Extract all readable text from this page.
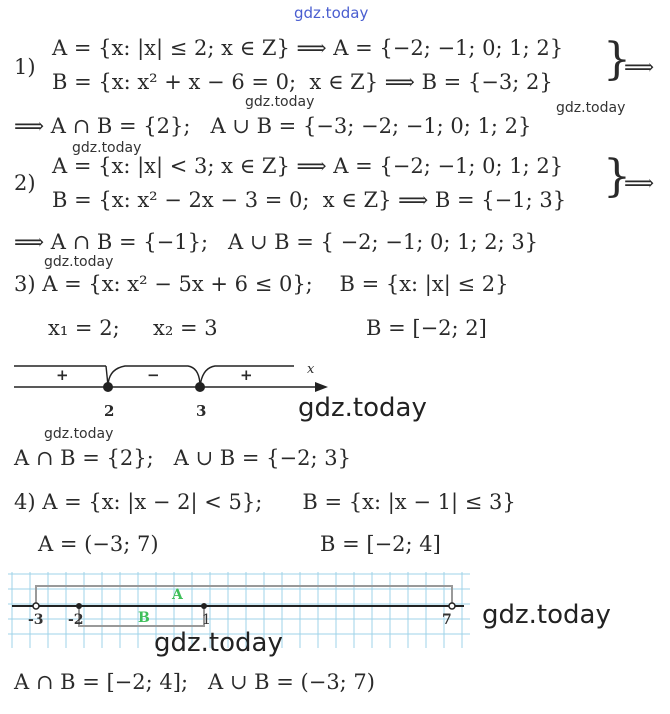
gdz.today
1)
A = {x: |x| ≤ 2; x ∈ Z} ⟹ A = {−2; −1; 0; 1; 2}
B = {x: x² + x − 6 = 0;  x ∈ Z} ⟹ B = {−3; 2} }
⟹
gdz.today	gdz.today
⟹ A ∩ B = {2};   A ∪ B = {−3; −2; −1; 0; 1; 2}
gdz.today
2)
A = {x: |x| < 3; x ∈ Z} ⟹ A = {−2; −1; 0; 1; 2}
B = {x: x² − 2x − 3 = 0;  x ∈ Z} ⟹ B = {−1; 3} }
⟹
⟹ A ∩ B = {−1};   A ∪ B = { −2; −1; 0; 1; 2; 3}
gdz.today
3) A = {x: x² − 5x + 6 ≤ 0};    B = {x: |x| ≤ 2}
x₁ = 2;     x₂ = 3	B = [−2; 2]
+	−	+	x
2	3	gdz.today
gdz.today
A ∩ B = {2};   A ∪ B = {−2; 3}
4) A = {x: |x − 2| < 5};      B = {x: |x − 1| ≤ 3}
A = (−3; 7)	B = [−2; 4]
A
B
-3 -2	1	7 gdz.today
gdz.today
A ∩ B = [−2; 4];   A ∪ B = (−3; 7)
